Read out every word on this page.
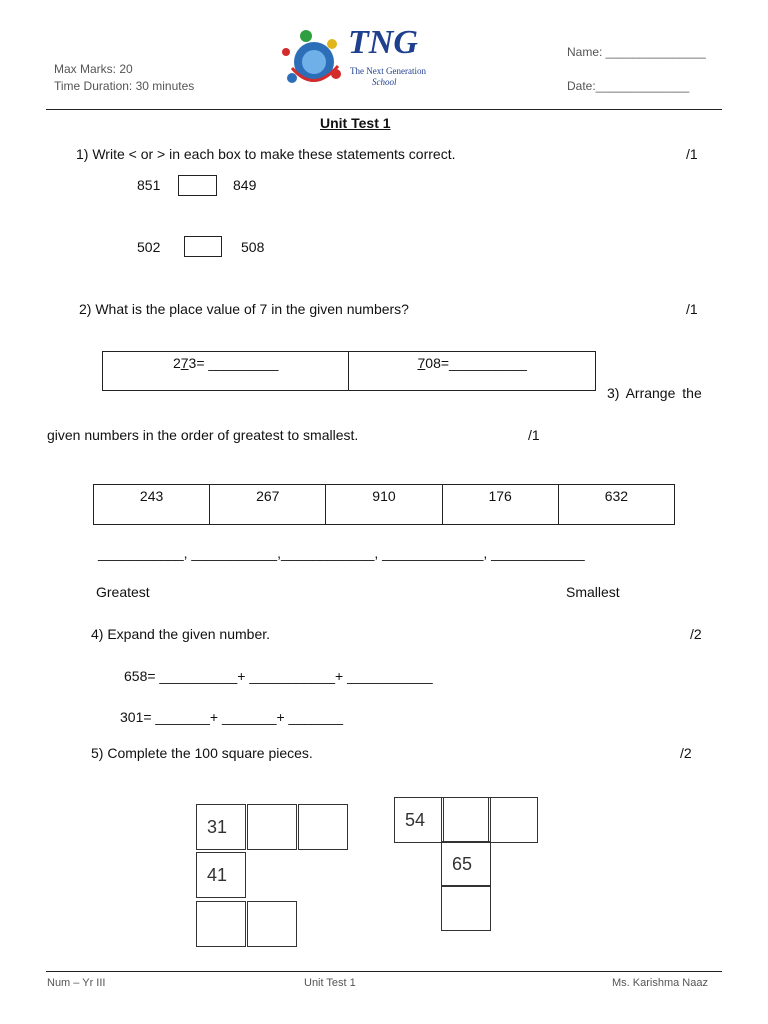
Max Marks: 20
Time Duration: 30 minutes
TNG
The Next Generation
School
Name: _______________
Date:______________
Unit Test 1
1) Write < or > in each box to make these statements correct.	/1
851	849
502	508
2) What is the place value of 7 in the given numbers?	/1
273= _________	708=__________
3) Arrange the
given numbers in the order of greatest to smallest.	/1
243	267	910	176	632
___________, ___________,____________, _____________, ____________
Greatest	Smallest
4) Expand the given number.	/2
658= __________+ ___________+ ___________
301= _______+ _______+ _______
5) Complete the 100 square pieces.	/2
31
41
54
65
Num – Yr III	Unit Test 1	Ms. Karishma Naaz
